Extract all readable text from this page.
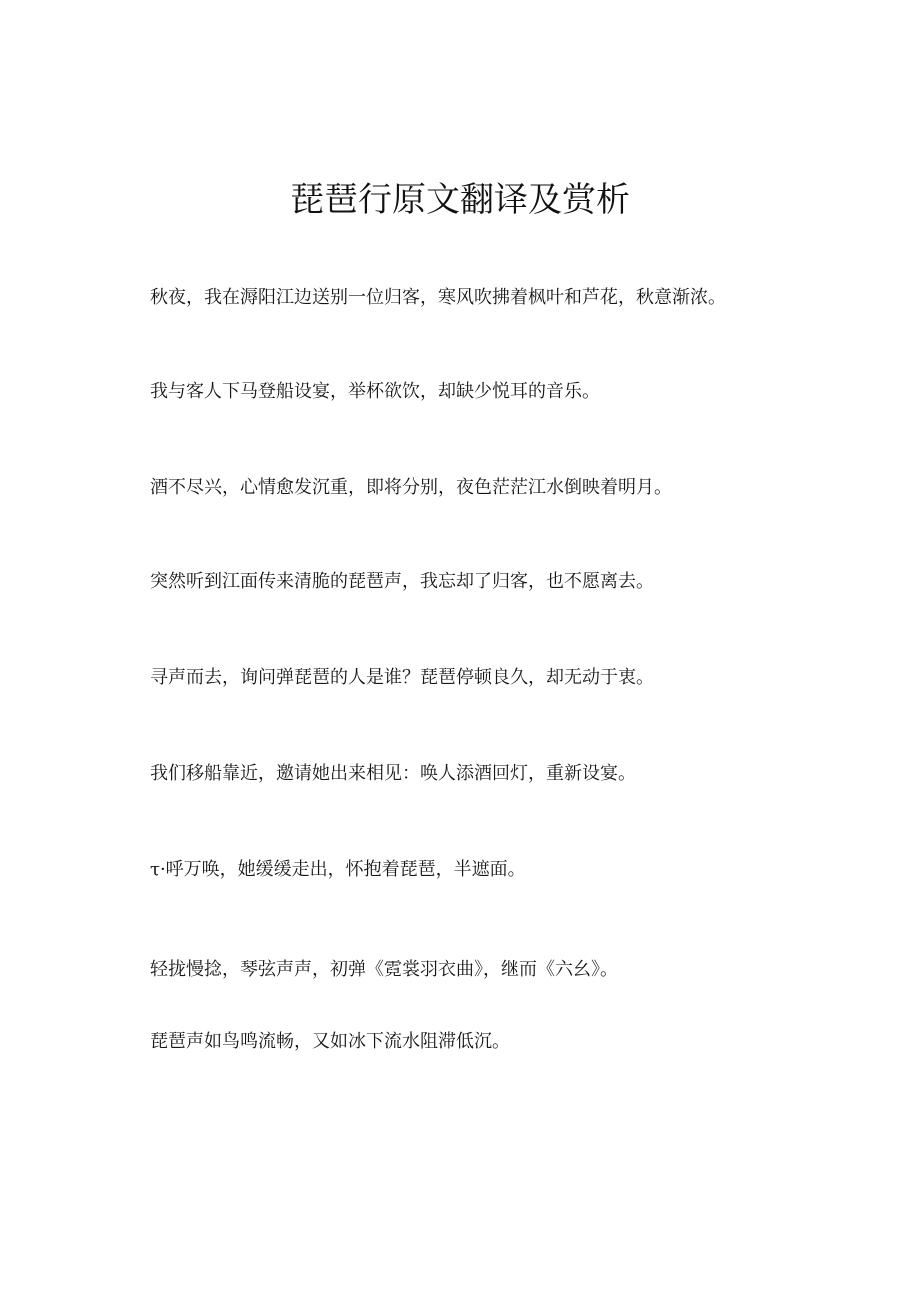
琵琶行原文翻译及赏析
秋夜，我在溽阳江边送别一位归客，寒风吹拂着枫叶和芦花，秋意渐浓。
我与客人下马登船设宴，举杯欲饮，却缺少悦耳的音乐。
酒不尽兴，心情愈发沉重，即将分别，夜色茫茫江水倒映着明月。
突然听到江面传来清脆的琵琶声，我忘却了归客，也不愿离去。
寻声而去，询问弹琵琶的人是谁？琵琶停顿良久，却无动于衷。
我们移船靠近，邀请她出来相见：唤人添酒回灯，重新设宴。
τ·呼万唤，她缓缓走出，怀抱着琵琶，半遮面。
轻拢慢捻，琴弦声声，初弹《霓裳羽衣曲》，继而《六幺》。
琵琶声如鸟鸣流畅，又如冰下流水阻滞低沉。
